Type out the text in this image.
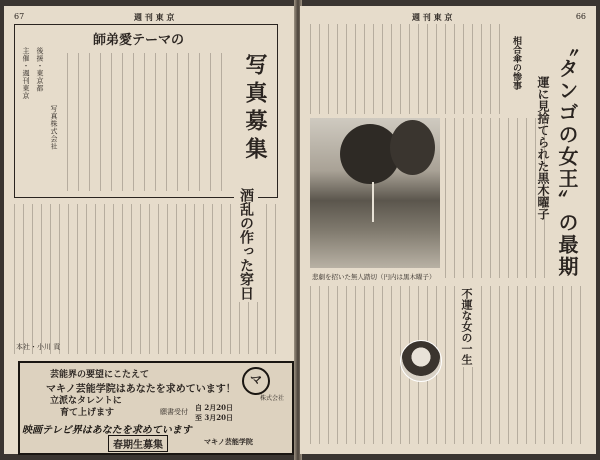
67	週 刊 東 京
師弟愛テーマの
写真募集
主催・週刊東京 後援・東京都
写真株式会社
酒乱の作った穿日
本社・小川 貢
芸能界の要望にこたえて
マキノ芸能学院はあなたを求めています！
立派なタレントに
育て上げます
映画テレビ界はあなたを求めています
春期生募集
願書受付 自 2月20日
至 3月20日
マ
株式会社
マキノ芸能学院
週 刊 東 京	66
相合傘の惨事 〝タンゴの女王〟の最期
運に見捨てられた黒木曜子
悲劇を招いた無人踏切（円内は黒木曜子）
不運な女の一生
